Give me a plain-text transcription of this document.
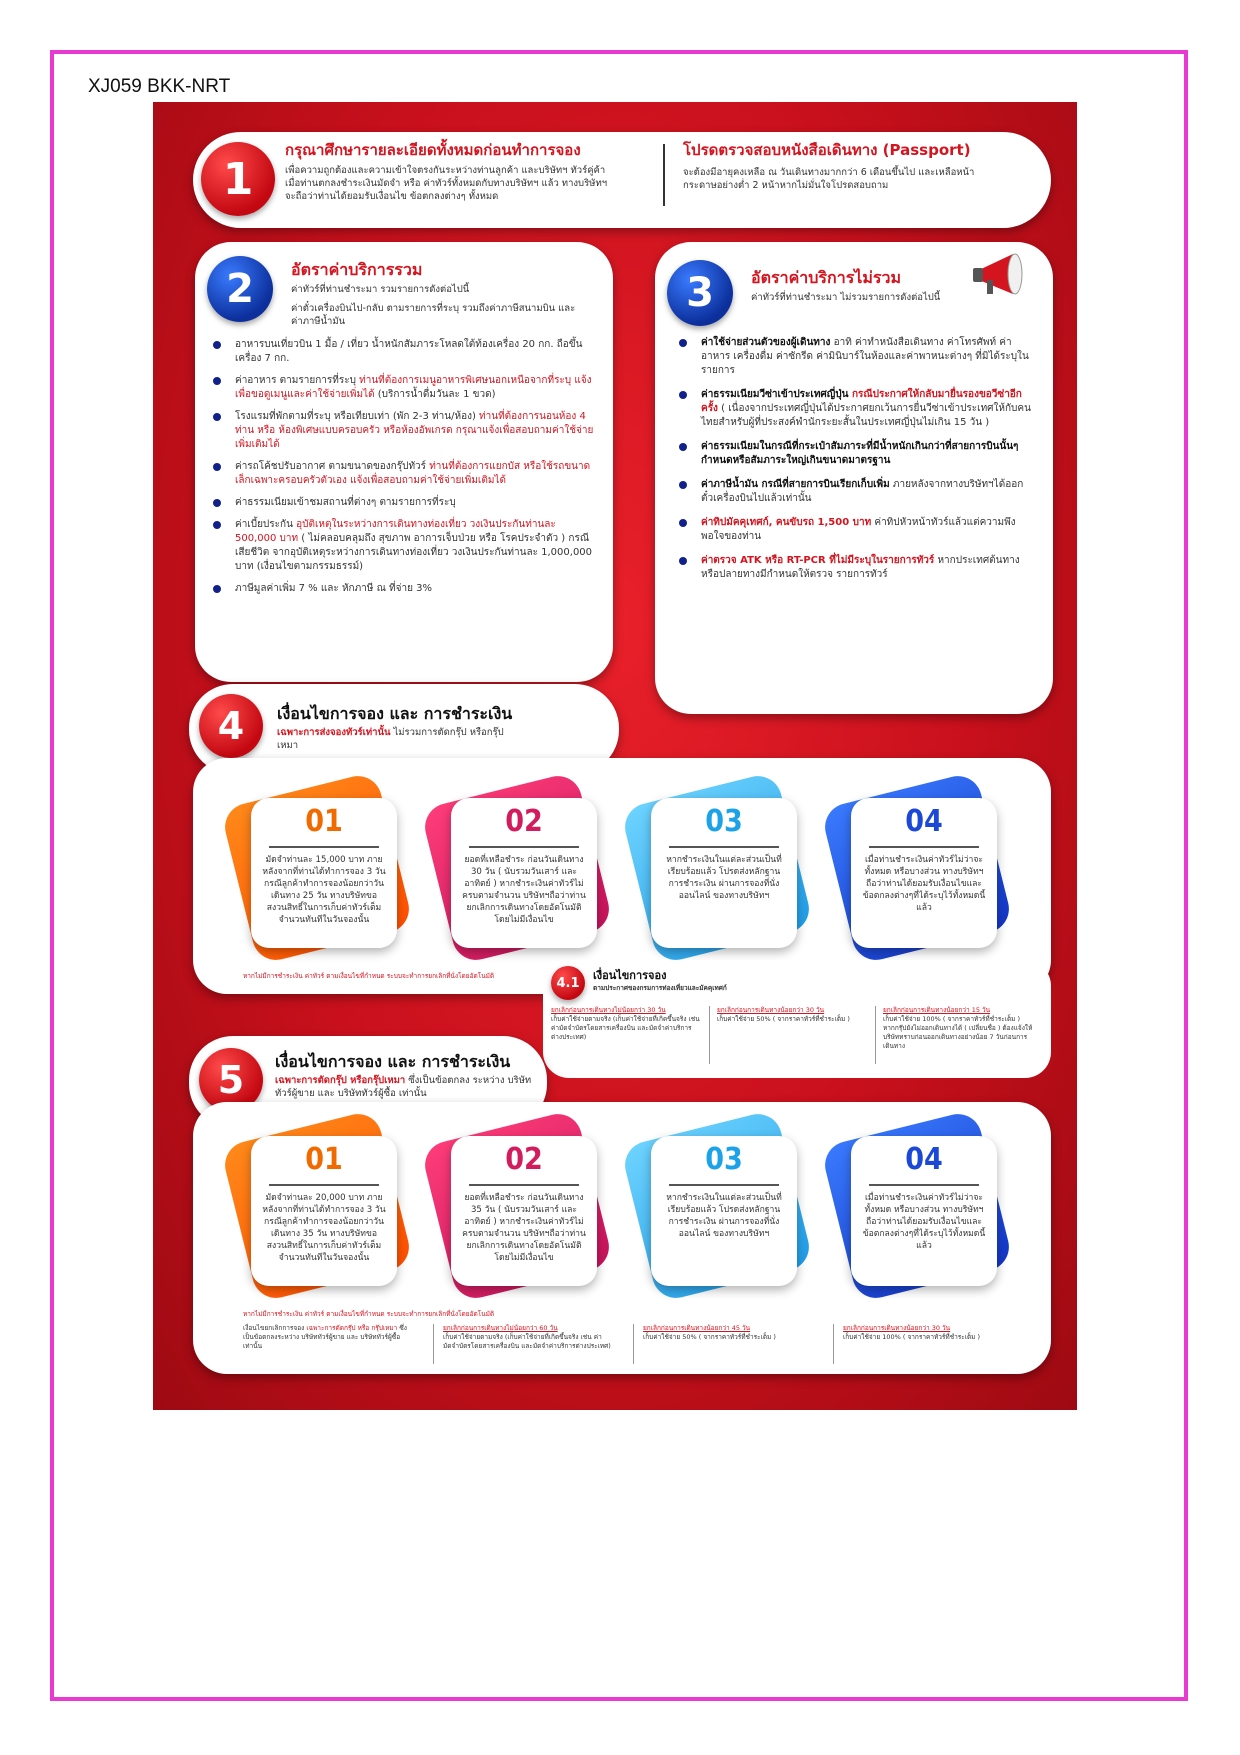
XJ059 BKK-NRT
1
กรุณาศึกษารายละเอียดทั้งหมดก่อนทำการจอง
เพื่อความถูกต้องและความเข้าใจตรงกันระหว่างท่านลูกค้า และบริษัทฯ ทัวร์คู่ค้า เมื่อท่านตกลงชำระเงินมัดจำ หรือ ค่าทัวร์ทั้งหมดกับทางบริษัทฯ แล้ว ทางบริษัทฯ จะถือว่าท่านได้ยอมรับเงื่อนไข ข้อตกลงต่างๆ ทั้งหมด
โปรดตรวจสอบหนังสือเดินทาง (Passport)
จะต้องมีอายุคงเหลือ ณ วันเดินทางมากกว่า 6 เดือนขึ้นไป และเหลือหน้ากระดาษอย่างต่ำ 2 หน้าหากไม่มั่นใจโปรดสอบถาม
2	อัตราค่าบริการรวม
ค่าทัวร์ที่ท่านชำระมา รวมรายการดังต่อไปนี้
ค่าตั๋วเครื่องบินไป-กลับ ตามรายการที่ระบุ รวมถึงค่าภาษีสนามบิน และค่าภาษีน้ำมัน
อาหารบนเที่ยวบิน 1 มื้อ / เที่ยว น้ำหนักสัมภาระโหลดใต้ท้องเครื่อง 20 กก. ถือขึ้นเครื่อง 7 กก.
ค่าอาหาร ตามรายการที่ระบุ ท่านที่ต้องการเมนูอาหารพิเศษนอกเหนือจากที่ระบุ แจ้งเพื่อขอดูเมนูและค่าใช้จ่ายเพิ่มได้ (บริการน้ำดื่มวันละ 1 ขวด)
โรงแรมที่พักตามที่ระบุ หรือเทียบเท่า (พัก 2-3 ท่าน/ห้อง) ท่านที่ต้องการนอนห้อง 4 ท่าน หรือ ห้องพิเศษแบบครอบครัว หรือห้องอัพเกรด กรุณาแจ้งเพื่อสอบถามค่าใช้จ่ายเพิ่มเติมได้
ค่ารถโค้ชปรับอากาศ ตามขนาดของกรุ๊ปทัวร์ ท่านที่ต้องการแยกบัส หรือใช้รถขนาดเล็กเฉพาะครอบครัวตัวเอง แจ้งเพื่อสอบถามค่าใช้จ่ายเพิ่มเติมได้
ค่าธรรมเนียมเข้าชมสถานที่ต่างๆ ตามรายการที่ระบุ
ค่าเบี้ยประกัน อุบัติเหตุในระหว่างการเดินทางท่องเที่ยว วงเงินประกันท่านละ 500,000 บาท ( ไม่คลอบคลุมถึง สุขภาพ อาการเจ็บป่วย หรือ โรคประจำตัว ) กรณีเสียชีวิต จากอุบัติเหตุระหว่างการเดินทางท่องเที่ยว วงเงินประกันท่านละ 1,000,000 บาท (เงื่อนไขตามกรรมธรรม์)
ภาษีมูลค่าเพิ่ม 7 % และ หักภาษี ณ ที่จ่าย 3%
3	อัตราค่าบริการไม่รวม
ค่าทัวร์ที่ท่านชำระมา ไม่รวมรายการดังต่อไปนี้
ค่าใช้จ่ายส่วนตัวของผู้เดินทาง อาทิ ค่าทำหนังสือเดินทาง ค่าโทรศัพท์ ค่าอาหาร เครื่องดื่ม ค่าซักรีด ค่ามินิบาร์ในห้องและค่าพาหนะต่างๆ ที่มิได้ระบุในรายการ
ค่าธรรมเนียมวีซ่าเข้าประเทศญี่ปุ่น กรณีประกาศให้กลับมายื่นรองขอวีซ่าอีกครั้ง ( เนื่องจากประเทศญี่ปุ่นได้ประกาศยกเว้นการยื่นวีซ่าเข้าประเทศให้กับคนไทยสำหรับผู้ที่ประสงค์พำนักระยะสั้นในประเทศญี่ปุ่นไม่เกิน 15 วัน )
ค่าธรรมเนียมในกรณีที่กระเป๋าสัมภาระที่มีน้ำหนักเกินกว่าที่สายการบินนั้นๆกำหนดหรือสัมภาระใหญ่เกินขนาดมาตรฐาน
ค่าภาษีน้ำมัน กรณีที่สายการบินเรียกเก็บเพิ่ม ภายหลังจากทางบริษัทฯได้ออกตั๋วเครื่องบินไปแล้วเท่านั้น
ค่าทิปมัคคุเทศก์, คนขับรถ 1,500 บาท ค่าทิปหัวหน้าทัวร์แล้วแต่ความพึงพอใจของท่าน
ค่าตรวจ ATK หรือ RT-PCR ที่ไม่มีระบุในรายการทัวร์ หากประเทศต้นทางหรือปลายทางมีกำหนดให้ตรวจ รายการทัวร์
4	เงื่อนไขการจอง และ การชำระเงิน
เฉพาะการส่งจองทัวร์เท่านั้น ไม่รวมการตัดกรุ๊ป หรือกรุ๊ปเหมา
01
มัดจำท่านละ 15,000 บาท ภายหลังจากที่ท่านได้ทำการจอง 3 วัน กรณีลูกค้าทำการจองน้อยกว่าวันเดินทาง 25 วัน ทางบริษัทขอสงวนสิทธิ์ในการเก็บค่าทัวร์เต็มจำนวนทันทีในวันจองนั้น
02
ยอดที่เหลือชำระ ก่อนวันเดินทาง 30 วัน ( นับรวมวันเสาร์ และ อาทิตย์ ) หากชำระเงินค่าทัวร์ไม่ครบตามจำนวน บริษัทฯถือว่าท่านยกเลิกการเดินทางโดยอัตโนมัติ โดยไม่มีเงื่อนไข
03
หากชำระเงินในแต่ละส่วนเป็นที่เรียบร้อยแล้ว โปรดส่งหลักฐานการชำระเงิน ผ่านการจองที่นั่ง ออนไลน์ ของทางบริษัทฯ
04
เมื่อท่านชำระเงินค่าทัวร์ไม่ว่าจะทั้งหมด หรือบางส่วน ทางบริษัทฯถือว่าท่านได้ยอมรับเงื่อนไขและข้อตกลงต่างๆที่ได้ระบุไว้ทั้งหมดนี้แล้ว
หากไม่มีการชำระเงิน ค่าทัวร์ ตามเงื่อนไขที่กำหนด ระบบจะทำการยกเลิกที่นั่งโดยอัตโนมัติ	4.1	เงื่อนไขการจอง
ตามประกาศของกรมการท่องเที่ยวและมัคคุเทศก์
ยกเลิกก่อนการเดินทางไม่น้อยกว่า 30 วัน
เก็บค่าใช้จ่ายตามจริง (เก็บค่าใช้จ่ายที่เกิดขึ้นจริง เช่น ค่ามัดจำบัตรโดยสารเครื่องบิน และมัดจำค่าบริการต่างประเทศ)
ยกเลิกก่อนการเดินทางน้อยกว่า 30 วัน
เก็บค่าใช้จ่าย 50% ( จากราคาทัวร์ที่ชำระเต็ม )
ยกเลิกก่อนการเดินทางน้อยกว่า 15 วัน
เก็บค่าใช้จ่าย 100% ( จากราคาทัวร์ที่ชำระเต็ม ) หากกรุ๊ปยังไม่ออกเดินทางได้ ( เปลี่ยนชื่อ ) ต้องแจ้งให้บริษัททราบก่อนออกเดินทางอย่างน้อย 7 วันก่อนการเดินทาง
5	เงื่อนไขการจอง และ การชำระเงิน
เฉพาะการตัดกรุ๊ป หรือกรุ๊ปเหมา ซึ่งเป็นข้อตกลง ระหว่าง บริษัททัวร์ผู้ขาย และ บริษัททัวร์ผู้ซื้อ เท่านั้น
01
มัดจำท่านละ 20,000 บาท ภายหลังจากที่ท่านได้ทำการจอง 3 วัน กรณีลูกค้าทำการจองน้อยกว่าวันเดินทาง 35 วัน ทางบริษัทขอสงวนสิทธิ์ในการเก็บค่าทัวร์เต็มจำนวนทันทีในวันจองนั้น
02
ยอดที่เหลือชำระ ก่อนวันเดินทาง 35 วัน ( นับรวมวันเสาร์ และ อาทิตย์ ) หากชำระเงินค่าทัวร์ไม่ครบตามจำนวน บริษัทฯถือว่าท่านยกเลิกการเดินทางโดยอัตโนมัติ โดยไม่มีเงื่อนไข
03
หากชำระเงินในแต่ละส่วนเป็นที่เรียบร้อยแล้ว โปรดส่งหลักฐานการชำระเงิน ผ่านการจองที่นั่ง ออนไลน์ ของทางบริษัทฯ
04
เมื่อท่านชำระเงินค่าทัวร์ไม่ว่าจะทั้งหมด หรือบางส่วน ทางบริษัทฯถือว่าท่านได้ยอมรับเงื่อนไขและข้อตกลงต่างๆที่ได้ระบุไว้ทั้งหมดนี้แล้ว
หากไม่มีการชำระเงิน ค่าทัวร์ ตามเงื่อนไขที่กำหนด ระบบจะทำการยกเลิกที่นั่งโดยอัตโนมัติ
เงื่อนไขยกเลิกการจอง เฉพาะการตัดกรุ๊ป หรือ กรุ๊ปเหมา ซึ่งเป็นข้อตกลงระหว่าง บริษัททัวร์ผู้ขาย และ บริษัททัวร์ผู้ซื้อ เท่านั้น
ยกเลิกก่อนการเดินทางไม่น้อยกว่า 60 วัน
เก็บค่าใช้จ่ายตามจริง (เก็บค่าใช้จ่ายที่เกิดขึ้นจริง เช่น ค่ามัดจำบัตรโดยสารเครื่องบิน และมัดจำค่าบริการต่างประเทศ)
ยกเลิกก่อนการเดินทางน้อยกว่า 45 วัน
เก็บค่าใช้จ่าย 50% ( จากราคาทัวร์ที่ชำระเต็ม )
ยกเลิกก่อนการเดินทางน้อยกว่า 30 วัน
เก็บค่าใช้จ่าย 100% ( จากราคาทัวร์ที่ชำระเต็ม )
